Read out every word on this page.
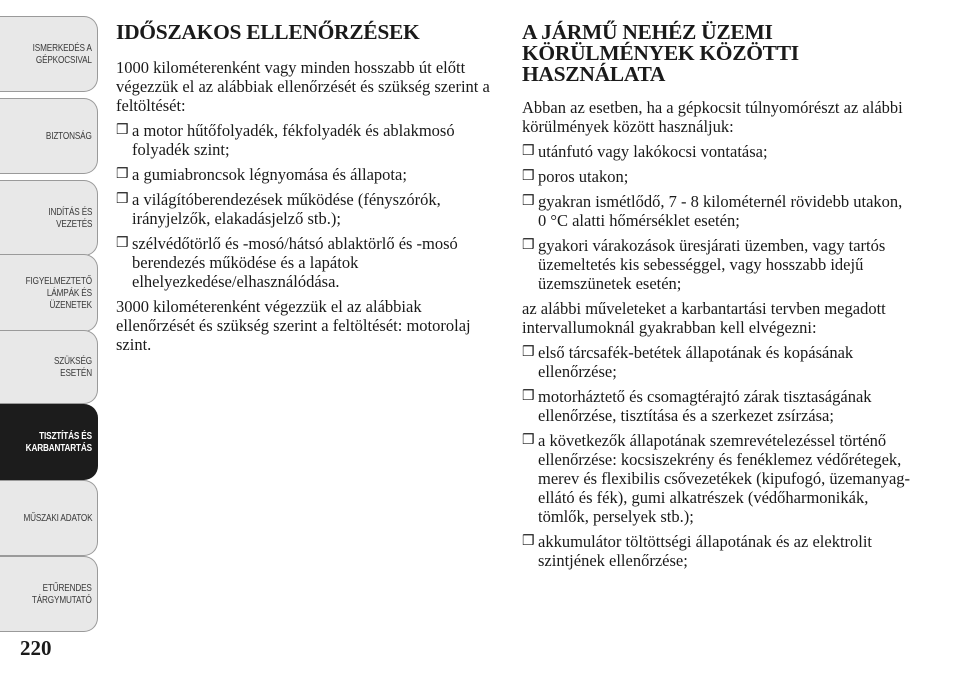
ISMERKEDÉS A
GÉPKOCSIVAL
BIZTONSÁG
INDÍTÁS ÉS
VEZETÉS
FIGYELMEZTETŐ
LÁMPÁK ÉS
ÜZENETEK
SZÜKSÉG ESETÉN
TISZTÍTÁS ÉS
KARBANTARTÁS
MŰSZAKI ADATOK
ETŰRENDES
TÁRGYMUTATÓ
220
IDŐSZAKOS ELLENŐRZÉSEK

1000 kilométerenként vagy minden hosszabb út előtt végezzük el az alábbiak ellenőrzését és szükség szerint a feltöltését:

❒ a motor hűtőfolyadék, fékfolyadék és ablakmosó folyadék szint;
❒ a gumiabroncsok légnyomása és állapota;
❒ a világítóberendezések működése (fényszórók, irányjelzők, elakadásjelző stb.);
❒ szélvédőtörlő és -mosó/hátsó ablaktörlő és -mosó berendezés működése és a lapátok elhelyezkedése/elhasználódása.

3000 kilométerenként végezzük el az alábbiak ellenőrzését és szükség szerint a feltöltését: motorolaj szint.

A JÁRMŰ NEHÉZ ÜZEMI KÖRÜLMÉNYEK KÖZÖTTI HASZNÁLATA

Abban az esetben, ha a gépkocsit túlnyomórészt az alábbi körülmények között használjuk:

❒ utánfutó vagy lakókocsi vontatása;
❒ poros utakon;
❒ gyakran ismétlődő, 7 - 8 kilométernél rövidebb utakon, 0 °C alatti hőmérséklet esetén;
❒ gyakori várakozások üresjárati üzemben, vagy tartós üzemeltetés kis sebességgel, vagy hosszabb idejű üzemszünetek esetén;

az alábbi műveleteket a karbantartási tervben megadott intervallumoknál gyakrabban kell elvégezni:

❒ első tárcsafék-betétek állapotának és kopásának ellenőrzése;
❒ motorháztető és csomagtérajtó zárak tisztaságának ellenőrzése, tisztítása és a szerkezet zsírzása;
❒ a következők állapotának szemrevételezéssel történő ellenőrzése: kocsiszekrény és fenéklemez védőrétegek, merev és flexibilis csővezetékek (kipufogó, üzemanyag-ellátó és fék), gumi alkatrészek (védőharmonikák, tömlők, perselyek stb.);
❒ akkumulátor töltöttségi állapotának és az elektrolit szintjének ellenőrzése;
